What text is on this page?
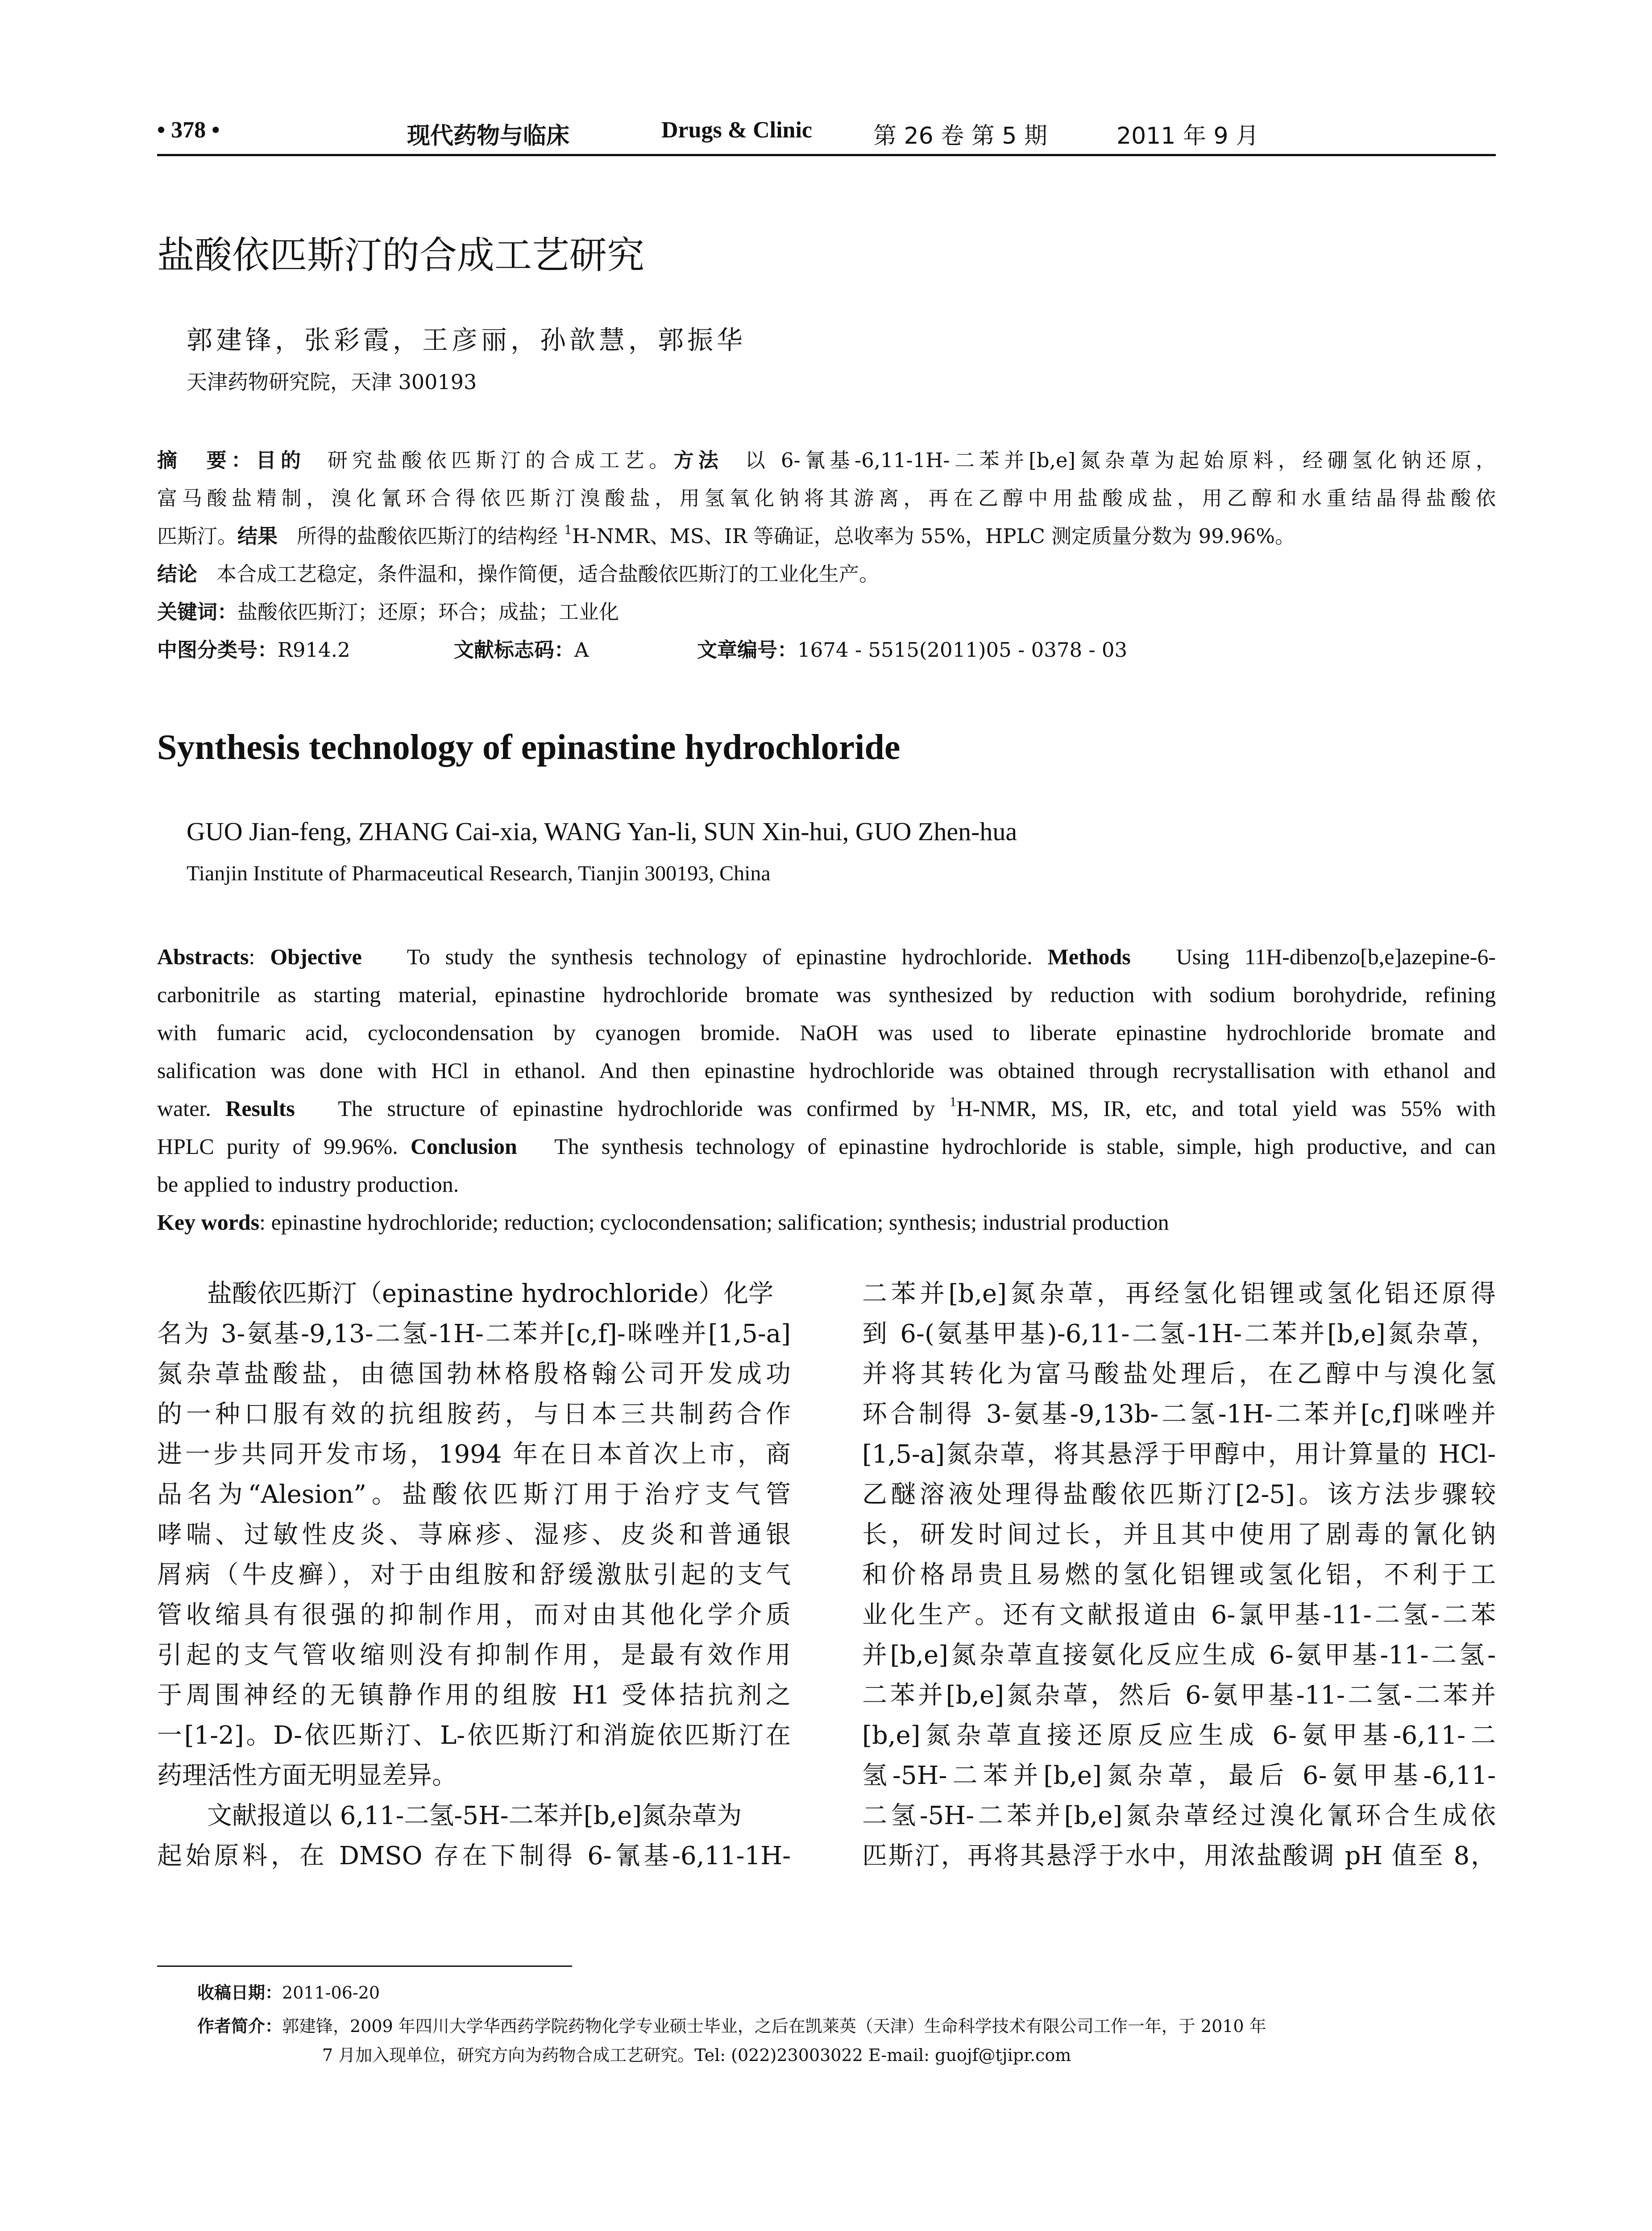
• 378 •	现代药物与临床	Drugs & Clinic	第 26 卷 第 5 期	2011 年 9 月
盐酸依匹斯汀的合成工艺研究
郭建锋，张彩霞，王彦丽，孙歆慧，郭振华
天津药物研究院，天津 300193
摘　要：目的 研究盐酸依匹斯汀的合成工艺。方法 以 6-氰基-6,11-1H-二苯并[b,e]氮杂䓬为起始原料，经硼氢化钠还原，
富马酸盐精制，溴化氰环合得依匹斯汀溴酸盐，用氢氧化钠将其游离，再在乙醇中用盐酸成盐，用乙醇和水重结晶得盐酸依
匹斯汀。结果 所得的盐酸依匹斯汀的结构经 $^1$H-NMR、MS、IR 等确证，总收率为 55%，HPLC 测定质量分数为 99.96%。
结论 本合成工艺稳定，条件温和，操作简便，适合盐酸依匹斯汀的工业化生产。
关键词：盐酸依匹斯汀；还原；环合；成盐；工业化
中图分类号：R914.2	文献标志码：A	文章编号：1674 - 5515(2011)05 - 0378 - 03
Synthesis technology of epinastine hydrochloride
GUO Jian-feng, ZHANG Cai-xia, WANG Yan-li, SUN Xin-hui, GUO Zhen-hua
Tianjin Institute of Pharmaceutical Research, Tianjin 300193, China
Abstracts: Objective To study the synthesis technology of epinastine hydrochloride. Methods Using 11H-dibenzo[b,e]azepine-6-
carbonitrile as starting material, epinastine hydrochloride bromate was synthesized by reduction with sodium borohydride, refining
with fumaric acid, cyclocondensation by cyanogen bromide. NaOH was used to liberate epinastine hydrochloride bromate and
salification was done with HCl in ethanol. And then epinastine hydrochloride was obtained through recrystallisation with ethanol and
water. Results The structure of epinastine hydrochloride was confirmed by $^1$H-NMR, MS, IR, etc, and total yield was 55% with
HPLC purity of 99.96%. Conclusion The synthesis technology of epinastine hydrochloride is stable, simple, high productive, and can
be applied to industry production.
Key words: epinastine hydrochloride; reduction; cyclocondensation; salification; synthesis; industrial production
盐酸依匹斯汀（epinastine hydrochloride）化学
名为 3-氨基-9,13-二氢-1H-二苯并[c,f]-咪唑并[1,5-a]
氮杂䓬盐酸盐，由德国勃林格殷格翰公司开发成功
的一种口服有效的抗组胺药，与日本三共制药合作
进一步共同开发市场，1994 年在日本首次上市，商
品名为“Alesion”。盐酸依匹斯汀用于治疗支气管
哮喘、过敏性皮炎、荨麻疹、湿疹、皮炎和普通银
屑病（牛皮癣），对于由组胺和舒缓激肽引起的支气
管收缩具有很强的抑制作用，而对由其他化学介质
引起的支气管收缩则没有抑制作用，是最有效作用
于周围神经的无镇静作用的组胺 H1 受体拮抗剂之
一[1-2]。D-依匹斯汀、L-依匹斯汀和消旋依匹斯汀在
药理活性方面无明显差异。
文献报道以 6,11-二氢-5H-二苯并[b,e]氮杂䓬为
起始原料，在 DMSO 存在下制得 6-氰基-6,11-1H-
二苯并[b,e]氮杂䓬，再经氢化铝锂或氢化铝还原得
到 6-(氨基甲基)-6,11-二氢-1H-二苯并[b,e]氮杂䓬，
并将其转化为富马酸盐处理后，在乙醇中与溴化氢
环合制得 3-氨基-9,13b-二氢-1H-二苯并[c,f]咪唑并
[1,5-a]氮杂䓬，将其悬浮于甲醇中，用计算量的 HCl-
乙醚溶液处理得盐酸依匹斯汀[2-5]。该方法步骤较
长，研发时间过长，并且其中使用了剧毒的氰化钠
和价格昂贵且易燃的氢化铝锂或氢化铝，不利于工
业化生产。还有文献报道由 6-氯甲基-11-二氢-二苯
并[b,e]氮杂䓬直接氨化反应生成 6-氨甲基-11-二氢-
二苯并[b,e]氮杂䓬，然后 6-氨甲基-11-二氢-二苯并
[b,e]氮杂䓬直接还原反应生成 6-氨甲基-6,11-二
氢-5H-二苯并[b,e]氮杂䓬，最后 6-氨甲基-6,11-
二氢-5H-二苯并[b,e]氮杂䓬经过溴化氰环合生成依
匹斯汀，再将其悬浮于水中，用浓盐酸调 pH 值至 8，
收稿日期：2011-06-20
作者简介：郭建锋，2009 年四川大学华西药学院药物化学专业硕士毕业，之后在凯莱英（天津）生命科学技术有限公司工作一年，于 2010 年
7 月加入现单位，研究方向为药物合成工艺研究。Tel: (022)23003022 E-mail: guojf@tjipr.com
